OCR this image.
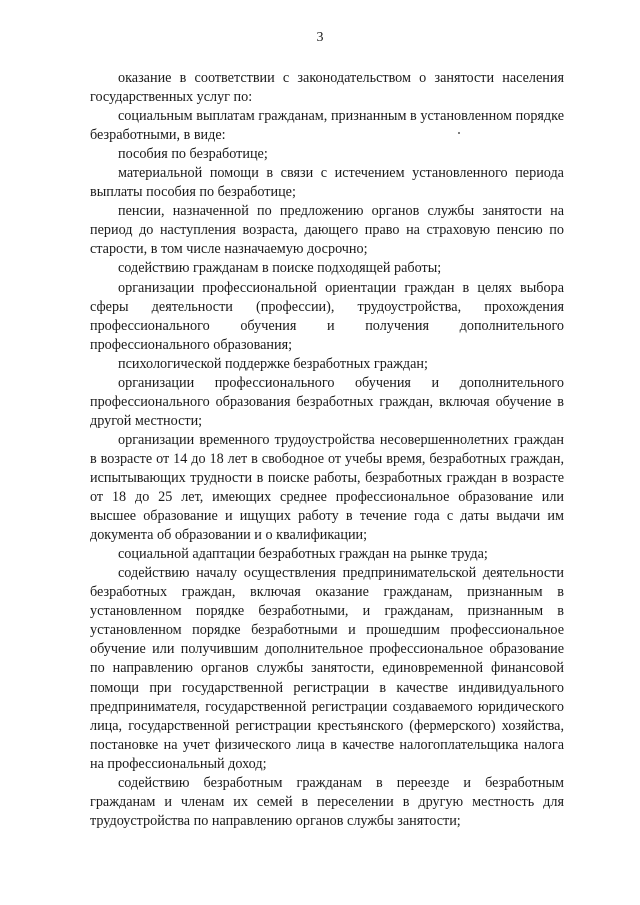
3

оказание в соответствии с законодательством о занятости населения государственных услуг по:

социальным выплатам гражданам, признанным в установленном порядке безработными, в виде:

пособия по безработице;

материальной помощи в связи с истечением установленного периода выплаты пособия по безработице;

пенсии, назначенной по предложению органов службы занятости на период до наступления возраста, дающего право на страховую пенсию по старости, в том числе назначаемую досрочно;

содействию гражданам в поиске подходящей работы;

организации профессиональной ориентации граждан в целях выбора сферы деятельности (профессии), трудоустройства, прохождения профессионального обучения и получения дополнительного профессионального образования;

психологической поддержке безработных граждан;

организации профессионального обучения и дополнительного профессионального образования безработных граждан, включая обучение в другой местности;

организации временного трудоустройства несовершеннолетних граждан в возрасте от 14 до 18 лет в свободное от учебы время, безработных граждан, испытывающих трудности в поиске работы, безработных граждан в возрасте от 18 до 25 лет, имеющих среднее профессиональное образование или высшее образование и ищущих работу в течение года с даты выдачи им документа об образовании и о квалификации;

социальной адаптации безработных граждан на рынке труда;

содействию началу осуществления предпринимательской деятельности безработных граждан, включая оказание гражданам, признанным в установленном порядке безработными, и гражданам, признанным в установленном порядке безработными и прошедшим профессиональное обучение или получившим дополнительное профессиональное образование по направлению органов службы занятости, единовременной финансовой помощи при государственной регистрации в качестве индивидуального предпринимателя, государственной регистрации создаваемого юридического лица, государственной регистрации крестьянского (фермерского) хозяйства, постановке на учет физического лица в качестве налогоплательщика налога на профессиональный доход;

содействию безработным гражданам в переезде и безработным гражданам и членам их семей в переселении в другую местность для трудоустройства по направлению органов службы занятости;
